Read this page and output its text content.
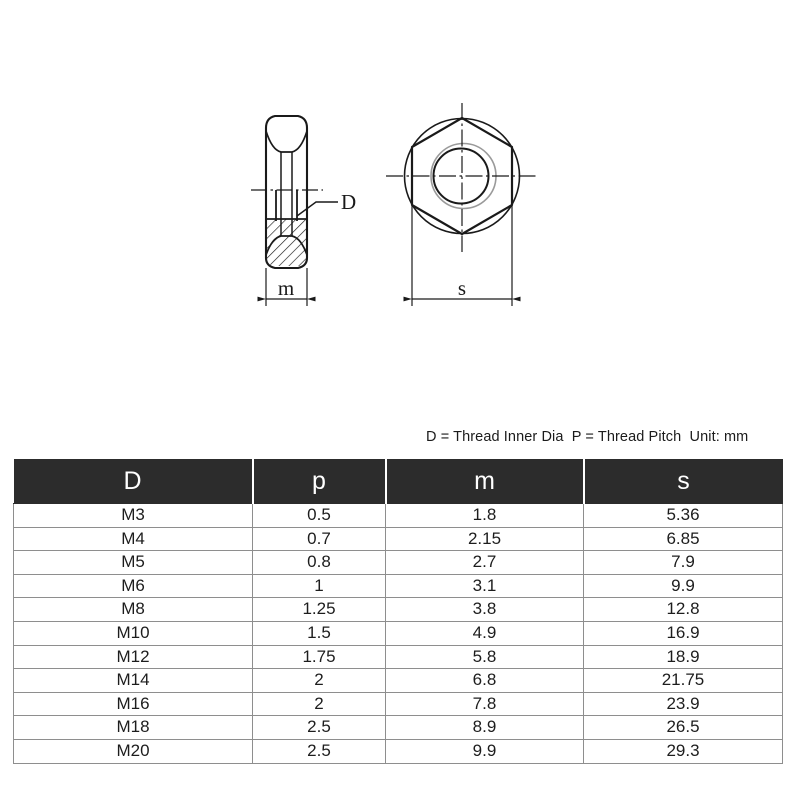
D
m	s
D = Thread Inner Dia  P = Thread Pitch  Unit: mm
D	p	m	s
M3	0.5	1.8	5.36
M4	0.7	2.15	6.85
M5	0.8	2.7	7.9
M6	1	3.1	9.9
M8	1.25	3.8	12.8
M10	1.5	4.9	16.9
M12	1.75	5.8	18.9
M14	2	6.8	21.75
M16	2	7.8	23.9
M18	2.5	8.9	26.5
M20	2.5	9.9	29.3
